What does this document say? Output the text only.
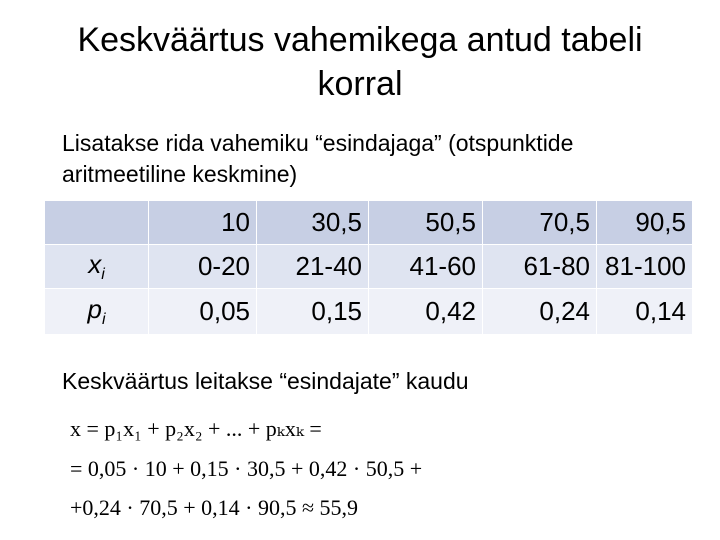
Keskväärtus vahemikega antud tabeli korral
Lisatakse rida vahemiku “esindajaga” (otspunktide aritmeetiline keskmine)
	10	30,5	50,5	70,5	90,5
$x_i$	0-20	21-40	41-60	61-80	81-100
$p_i$	0,05	0,15	0,42	0,24	0,14
Keskväärtus leitakse “esindajate” kaudu
x = p₁x₁ + p₂x₂ + ... + pₖxₖ =
= 0,05 · 10 + 0,15 · 30,5 + 0,42 · 50,5 +
+0,24 · 70,5 + 0,14 · 90,5 ≈ 55,9
